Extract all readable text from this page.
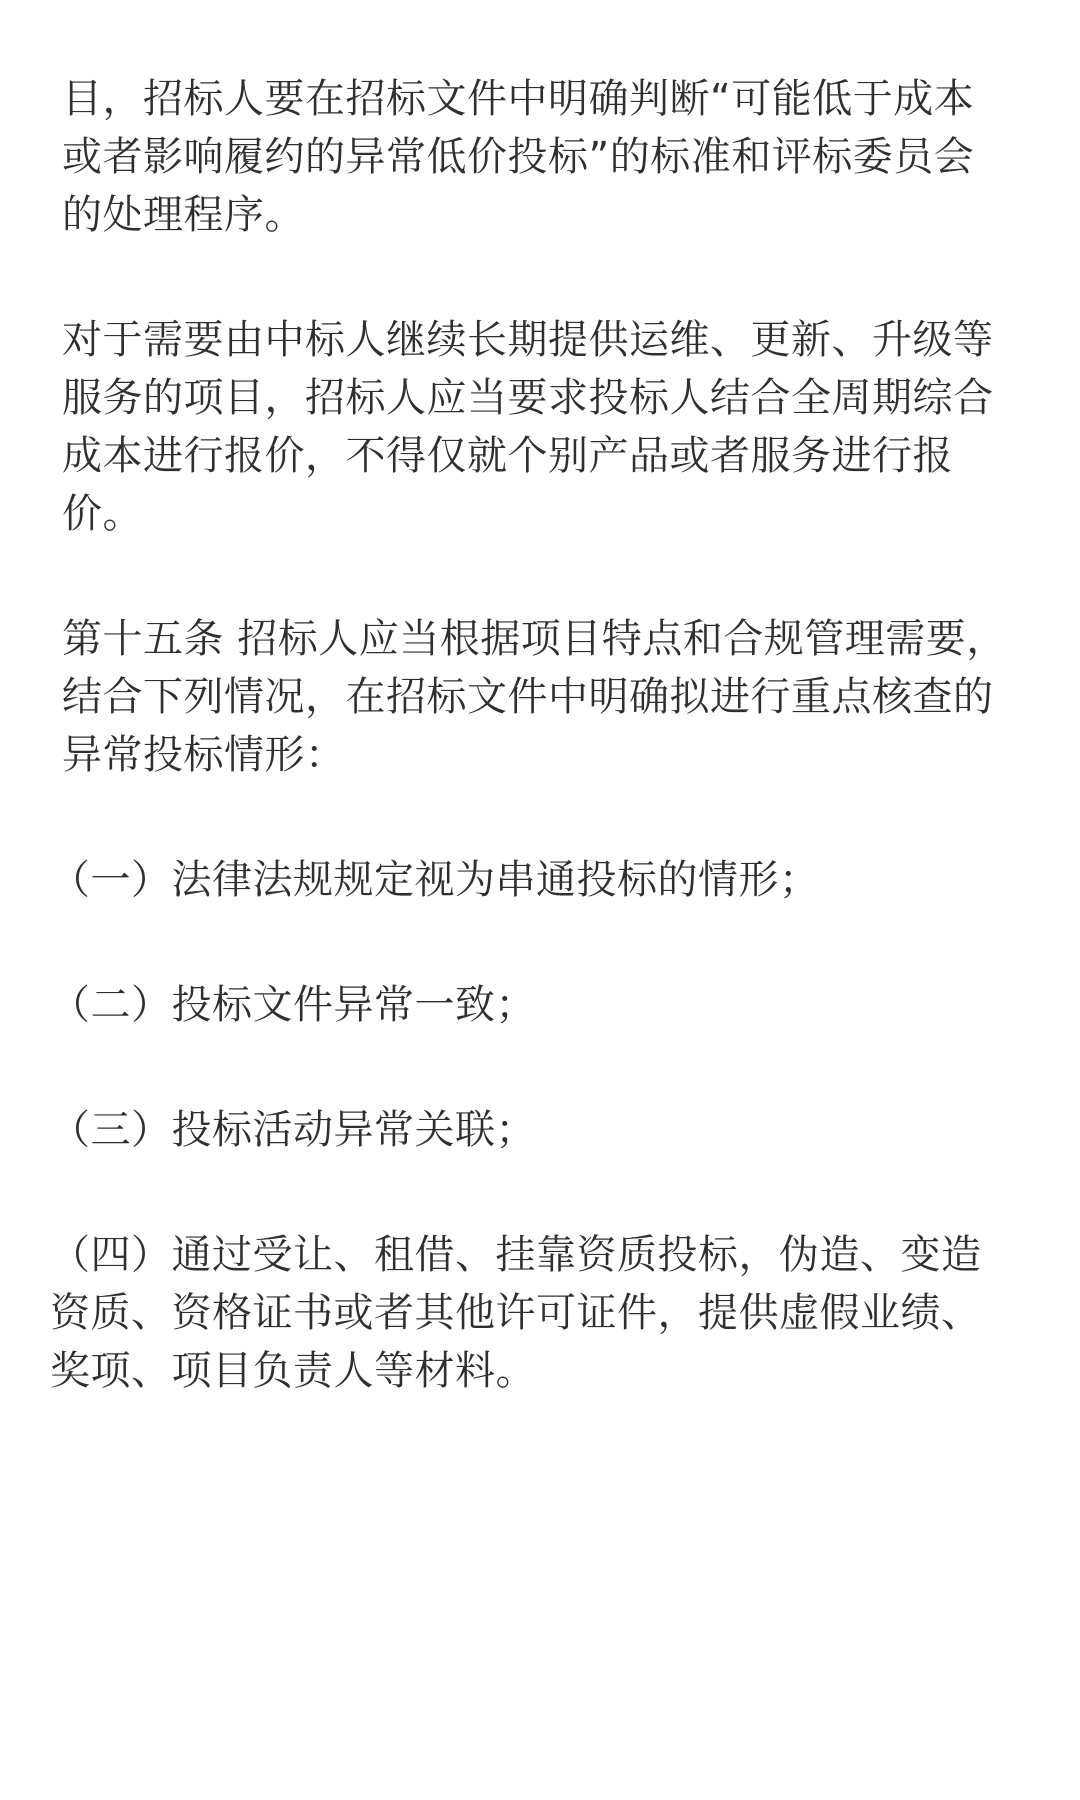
目，招标人要在招标文件中明确判断“可能低于成本
或者影响履约的异常低价投标”的标准和评标委员会
的处理程序。

对于需要由中标人继续长期提供运维、更新、升级等
服务的项目，招标人应当要求投标人结合全周期综合
成本进行报价，不得仅就个别产品或者服务进行报
价。

第十五条 招标人应当根据项目特点和合规管理需要，
结合下列情况，在招标文件中明确拟进行重点核查的
异常投标情形：

（一）法律法规规定视为串通投标的情形；

（二）投标文件异常一致；

（三）投标活动异常关联；

（四）通过受让、租借、挂靠资质投标，伪造、变造
资质、资格证书或者其他许可证件，提供虚假业绩、
奖项、项目负责人等材料。
